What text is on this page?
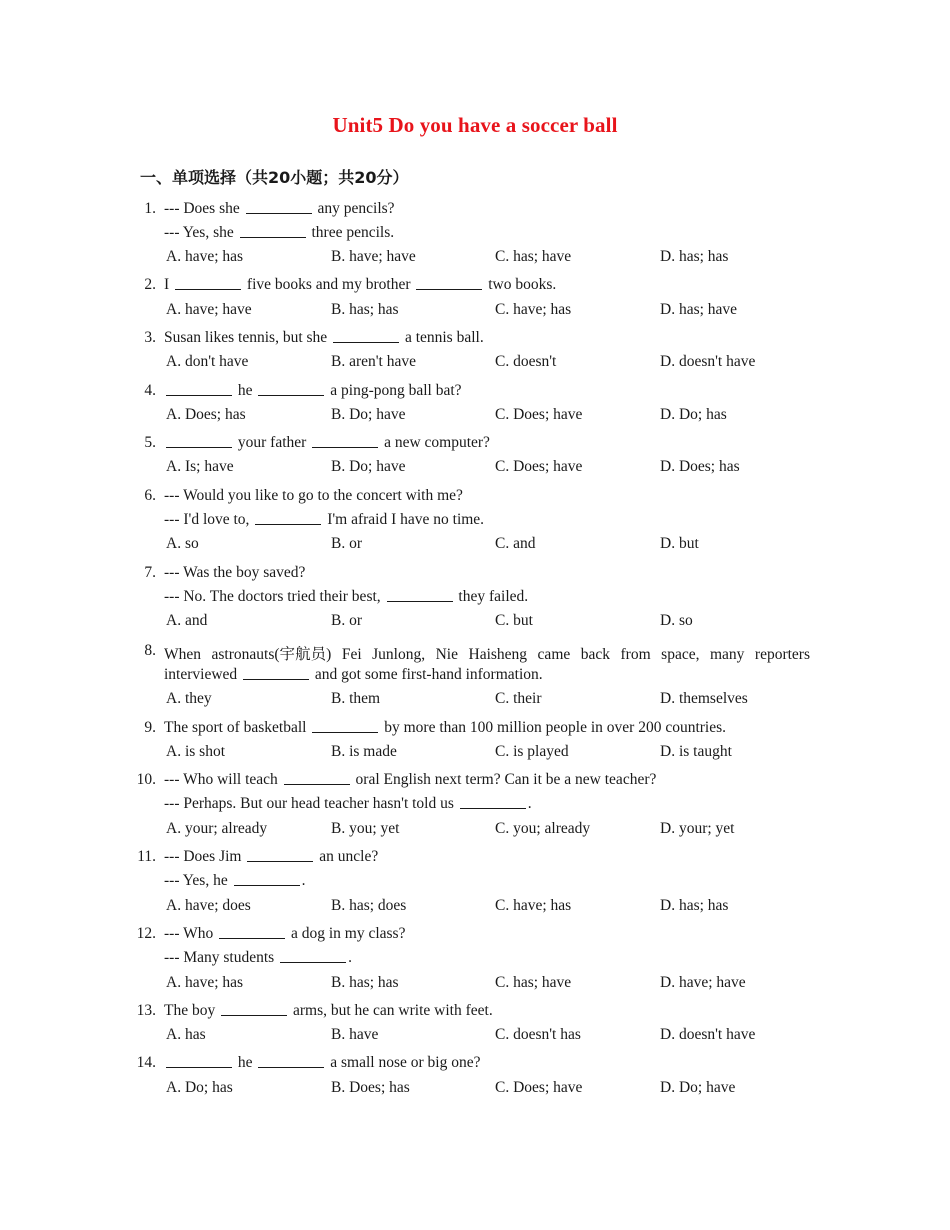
Unit5 Do you have a soccer ball
一、单项选择（共20小题；共20分）
1. --- Does she	any pencils?
--- Yes, she	three pencils.
A. have; has	B. have; have	C. has; have	D. has; has
2. I	five books and my brother	two books.
A. have; have	B. has; has	C. have; has	D. has; have
3. Susan likes tennis, but she	a tennis ball.
A. don't have	B. aren't have	C. doesn't	D. doesn't have
4.	he	a ping-pong ball bat?
A. Does; has	B. Do; have	C. Does; have	D. Do; has
5.	your father	a new computer?
A. Is; have	B. Do; have	C. Does; have	D. Does; has
6. --- Would you like to go to the concert with me?
--- I'd love to,	I'm afraid I have no time.
A. so	B. or	C. and	D. but
7. --- Was the boy saved?
--- No. The doctors tried their best,	they failed.
A. and	B. or	C. but	D. so
8. When astronauts(宇航员) Fei Junlong, Nie Haisheng came back from space, many reporters
interviewed	and got some first-hand information.
A. they	B. them	C. their	D. themselves
9. The sport of basketball	by more than 100 million people in over 200 countries.
A. is shot	B. is made	C. is played	D. is taught
10. --- Who will teach	oral English next term? Can it be a new teacher?
--- Perhaps. But our head teacher hasn't told us	.
A. your; already	B. you; yet	C. you; already	D. your; yet
11. --- Does Jim	an uncle?
--- Yes, he	.
A. have; does	B. has; does	C. have; has	D. has; has
12. --- Who	a dog in my class?
--- Many students	.
A. have; has	B. has; has	C. has; have	D. have; have
13. The boy	arms, but he can write with feet.
A. has	B. have	C. doesn't has	D. doesn't have
14.	he	a small nose or big one?
A. Do; has	B. Does; has	C. Does; have	D. Do; have
